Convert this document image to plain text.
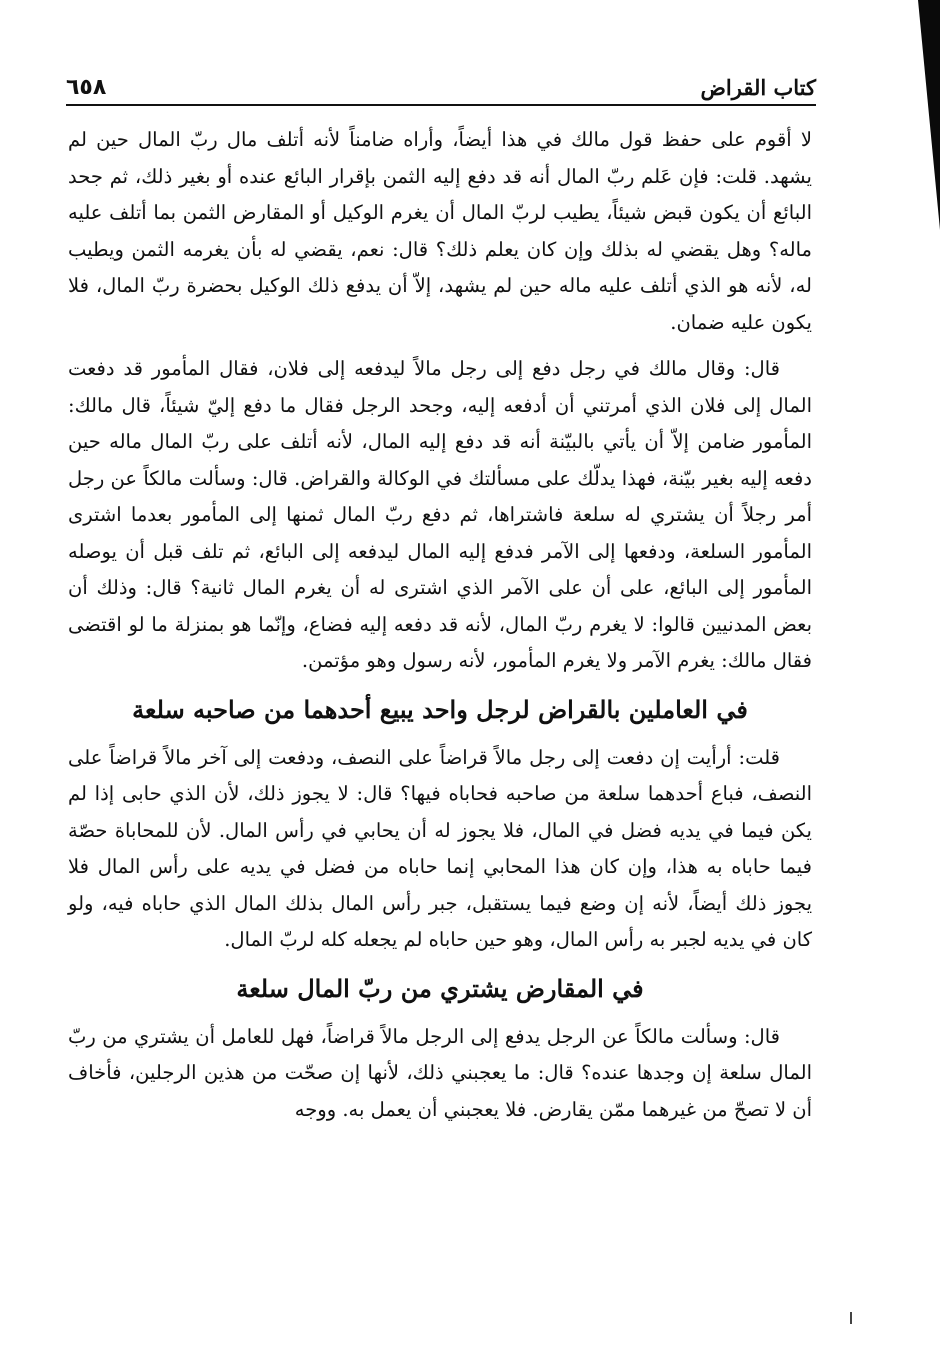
كتاب القراض
٦٥٨

لا أقوم على حفظ قول مالك في هذا أيضاً، وأراه ضامناً لأنه أتلف مال ربّ المال حين لم يشهد. قلت: فإن عَلم ربّ المال أنه قد دفع إليه الثمن بإقرار البائع عنده أو بغير ذلك، ثم جحد البائع أن يكون قبض شيئاً، يطيب لربّ المال أن يغرم الوكيل أو المقارض الثمن بما أتلف عليه ماله؟ وهل يقضي له بذلك وإن كان يعلم ذلك؟ قال: نعم، يقضي له بأن يغرمه الثمن ويطيب له، لأنه هو الذي أتلف عليه ماله حين لم يشهد، إلاّ أن يدفع ذلك الوكيل بحضرة ربّ المال، فلا يكون عليه ضمان.

قال: وقال مالك في رجل دفع إلى رجل مالاً ليدفعه إلى فلان، فقال المأمور قد دفعت المال إلى فلان الذي أمرتني أن أدفعه إليه، وجحد الرجل فقال ما دفع إليّ شيئاً، قال مالك: المأمور ضامن إلاّ أن يأتي بالبيّنة أنه قد دفع إليه المال، لأنه أتلف على ربّ المال ماله حين دفعه إليه بغير بيّنة، فهذا يدلّك على مسألتك في الوكالة والقراض. قال: وسألت مالكاً عن رجل أمر رجلاً أن يشتري له سلعة فاشتراها، ثم دفع ربّ المال ثمنها إلى المأمور بعدما اشترى المأمور السلعة، ودفعها إلى الآمر فدفع إليه المال ليدفعه إلى البائع، ثم تلف قبل أن يوصله المأمور إلى البائع، على أن على الآمر الذي اشترى له أن يغرم المال ثانية؟ قال: وذلك أن بعض المدنيين قالوا: لا يغرم ربّ المال، لأنه قد دفعه إليه فضاع، وإنّما هو بمنزلة ما لو اقتضى فقال مالك: يغرم الآمر ولا يغرم المأمور، لأنه رسول وهو مؤتمن.

في العاملين بالقراض لرجل واحد يبيع أحدهما من صاحبه سلعة

قلت: أرأيت إن دفعت إلى رجل مالاً قراضاً على النصف، ودفعت إلى آخر مالاً قراضاً على النصف، فباع أحدهما سلعة من صاحبه فحاباه فيها؟ قال: لا يجوز ذلك، لأن الذي حابى إذا لم يكن فيما في يديه فضل في المال، فلا يجوز له أن يحابي في رأس المال. لأن للمحاباة حصّة فيما حاباه به هذا، وإن كان هذا المحابي إنما حاباه من فضل في يديه على رأس المال فلا يجوز ذلك أيضاً، لأنه إن وضع فيما يستقبل، جبر رأس المال بذلك المال الذي حاباه فيه، ولو كان في يديه لجبر به رأس المال، وهو حين حاباه لم يجعله كله لربّ المال.

في المقارض يشتري من ربّ المال سلعة

قال: وسألت مالكاً عن الرجل يدفع إلى الرجل مالاً قراضاً، فهل للعامل أن يشتري من ربّ المال سلعة إن وجدها عنده؟ قال: ما يعجبني ذلك، لأنها إن صحّت من هذين الرجلين، فأخاف أن لا تصحّ من غيرهما ممّن يقارض. فلا يعجبني أن يعمل به. ووجه
